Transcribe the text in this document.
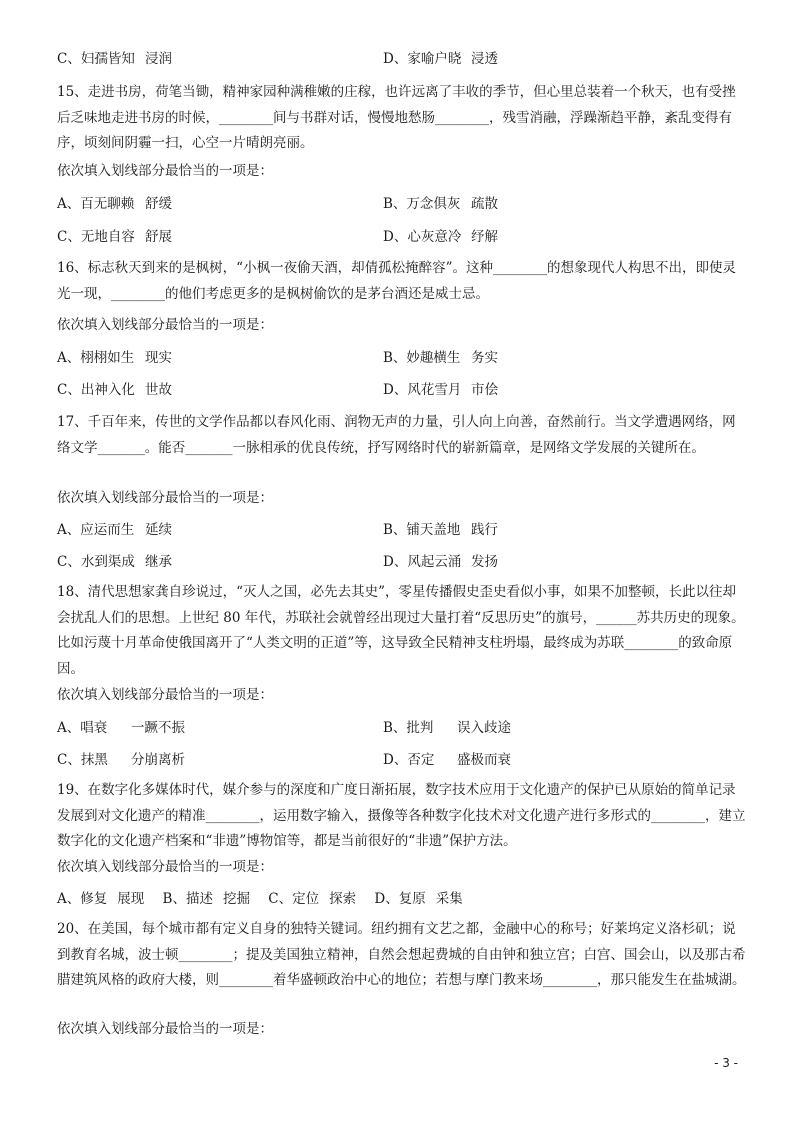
C、妇孺皆知 浸润	D、家喻户晓 浸透
15、走进书房，荷笔当锄，精神家园种满稚嫩的庄稼，也许远离了丰收的季节，但心里总装着一个秋天，也有受挫后乏味地走进书房的时候，________间与书群对话，慢慢地愁肠________，残雪消融，浮躁渐趋平静，紊乱变得有序，顷刻间阴霾一扫，心空一片晴朗亮丽。
依次填入划线部分最恰当的一项是：
A、百无聊赖 舒缓	B、万念俱灰 疏散
C、无地自容 舒展	D、心灰意冷 纾解
16、标志秋天到来的是枫树，“小枫一夜偷天酒，却倩孤松掩醉容”。这种________的想象现代人构思不出，即使灵光一现，________的他们考虑更多的是枫树偷饮的是茅台酒还是威士忌。
依次填入划线部分最恰当的一项是：
A、栩栩如生 现实	B、妙趣横生 务实
C、出神入化 世故	D、风花雪月 市侩
17、千百年来，传世的文学作品都以春风化雨、润物无声的力量，引人向上向善，奋然前行。当文学遭遇网络，网络文学_______。能否_______一脉相承的优良传统，抒写网络时代的崭新篇章，是网络文学发展的关键所在。
依次填入划线部分最恰当的一项是：
A、应运而生 延续	B、铺天盖地 践行
C、水到渠成 继承	D、风起云涌 发扬
18、清代思想家龚自珍说过，“灭人之国，必先去其史”，零星传播假史歪史看似小事，如果不加整顿，长此以往却会扰乱人们的思想。上世纪 80 年代，苏联社会就曾经出现过大量打着“反思历史”的旗号，______苏共历史的现象。比如污蔑十月革命使俄国离开了“人类文明的正道”等，这导致全民精神支柱坍塌，最终成为苏联________的致命原因。
依次填入划线部分最恰当的一项是：
A、唱衰 一蹶不振	B、批判 误入歧途
C、抹黑 分崩离析	D、否定 盛极而衰
19、在数字化多媒体时代，媒介参与的深度和广度日渐拓展，数字技术应用于文化遗产的保护已从原始的简单记录发展到对文化遗产的精准________，运用数字输入，摄像等各种数字化技术对文化遗产进行多形式的________，建立数字化的文化遗产档案和“非遗”博物馆等，都是当前很好的“非遗”保护方法。
依次填入划线部分最恰当的一项是：
A、修复 展现 B、描述 挖掘 C、定位 探索 D、复原 采集
20、在美国，每个城市都有定义自身的独特关键词。纽约拥有文艺之都，金融中心的称号；好莱坞定义洛杉矶；说到教育名城，波士顿________；提及美国独立精神，自然会想起费城的自由钟和独立宫；白宫、国会山，以及那古希腊建筑风格的政府大楼，则________着华盛顿政治中心的地位；若想与摩门教来场________，那只能发生在盐城湖。
依次填入划线部分最恰当的一项是：
- 3 -
